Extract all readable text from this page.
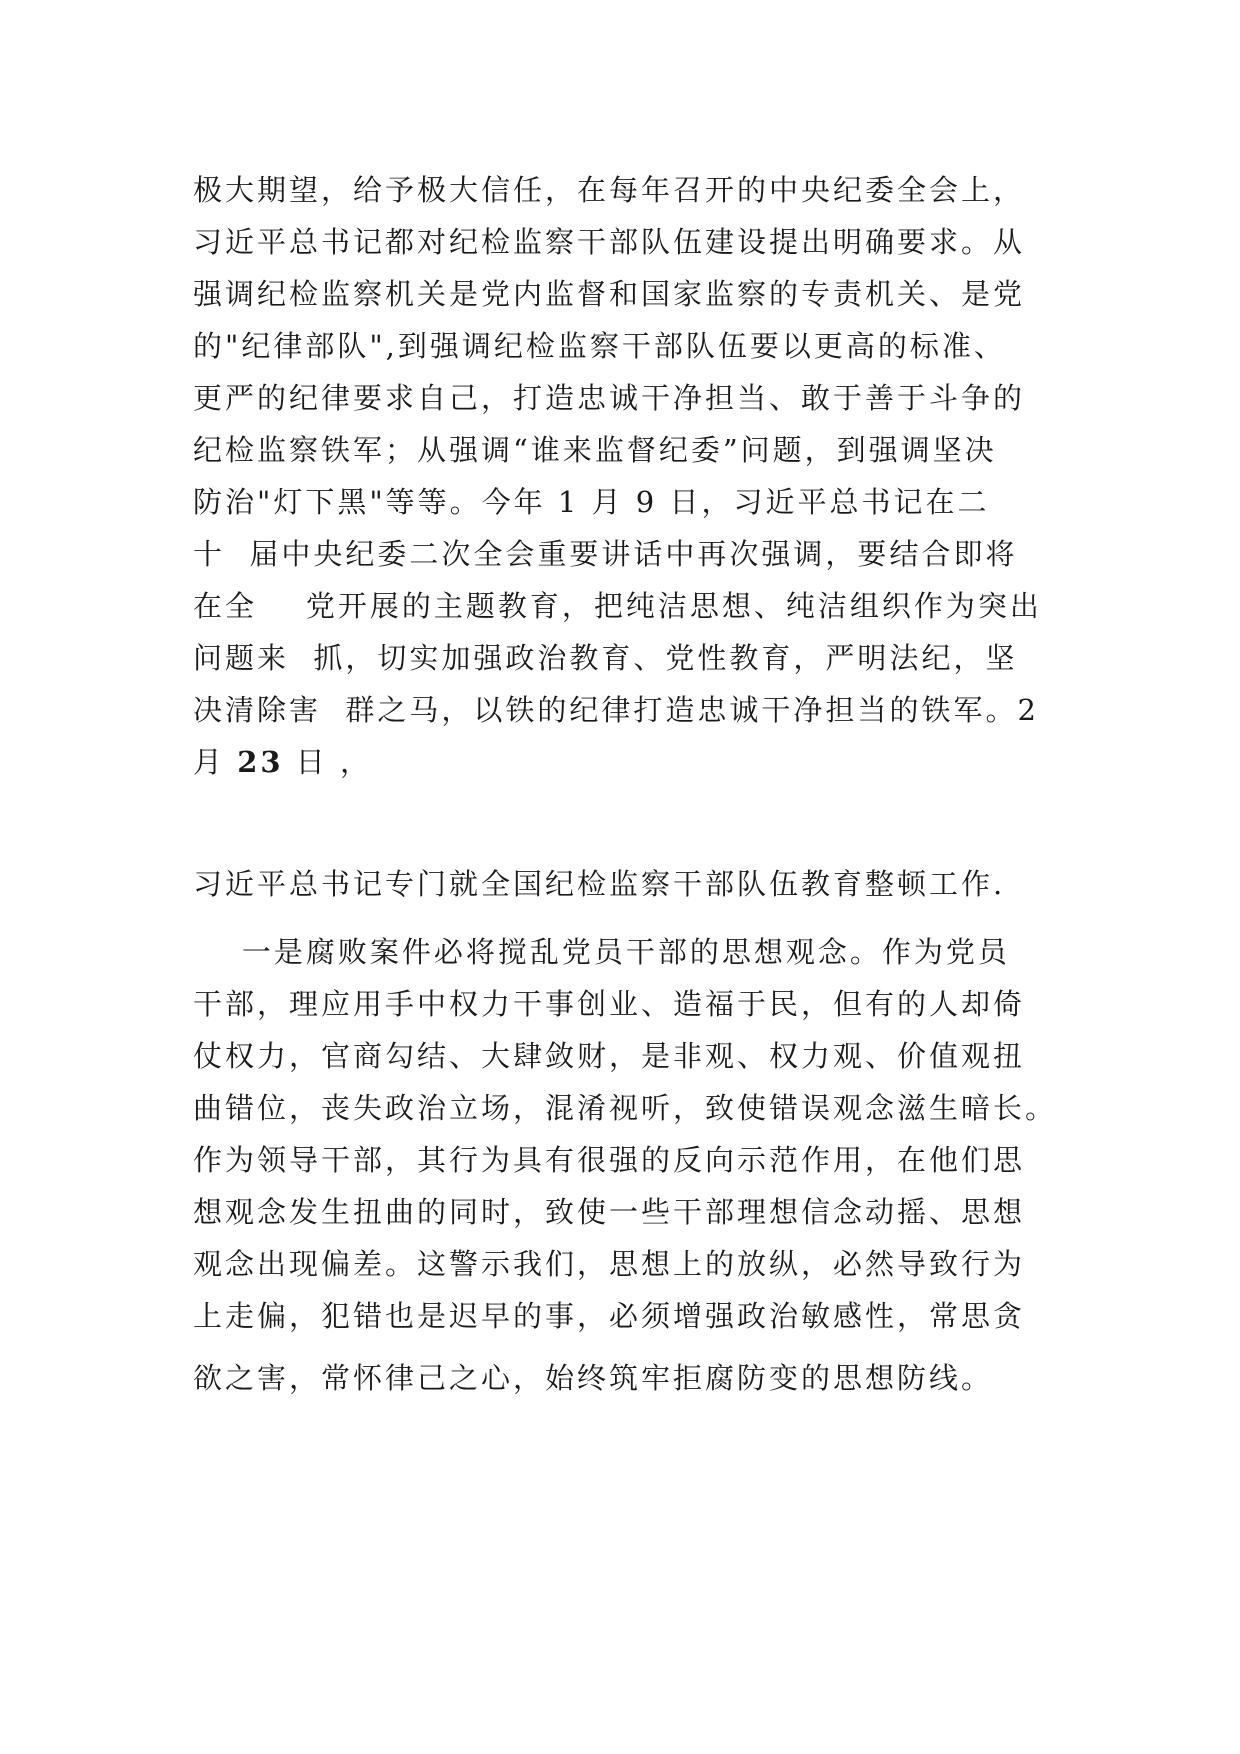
极大期望，给予极大信任，在每年召开的中央纪委全会上，
习近平总书记都对纪检监察干部队伍建设提出明确要求。从
强调纪检监察机关是党内监督和国家监察的专责机关、是党
的"纪律部队",到强调纪检监察干部队伍要以更高的标准、
更严的纪律要求自己，打造忠诚干净担当、敢于善于斗争的
纪检监察铁军；从强调“谁来监督纪委”问题，到强调坚决
防治"灯下黑"等等。今年 1 月 9 日，习近平总书记在二
十  届中央纪委二次全会重要讲话中再次强调，要结合即将
在全    党开展的主题教育，把纯洁思想、纯洁组织作为突出
问题来  抓，切实加强政治教育、党性教育，严明法纪，坚
决清除害  群之马，以铁的纪律打造忠诚干净担当的铁军。2
月 23 日 ，
习近平总书记专门就全国纪检监察干部队伍教育整顿工作.
一是腐败案件必将搅乱党员干部的思想观念。作为党员
干部，理应用手中权力干事创业、造福于民，但有的人却倚
仗权力，官商勾结、大肆敛财，是非观、权力观、价值观扭
曲错位，丧失政治立场，混淆视听，致使错误观念滋生暗长。
作为领导干部，其行为具有很强的反向示范作用，在他们思
想观念发生扭曲的同时，致使一些干部理想信念动摇、思想
观念出现偏差。这警示我们，思想上的放纵，必然导致行为
上走偏，犯错也是迟早的事，必须增强政治敏感性，常思贪
欲之害，常怀律己之心，始终筑牢拒腐防变的思想防线。
